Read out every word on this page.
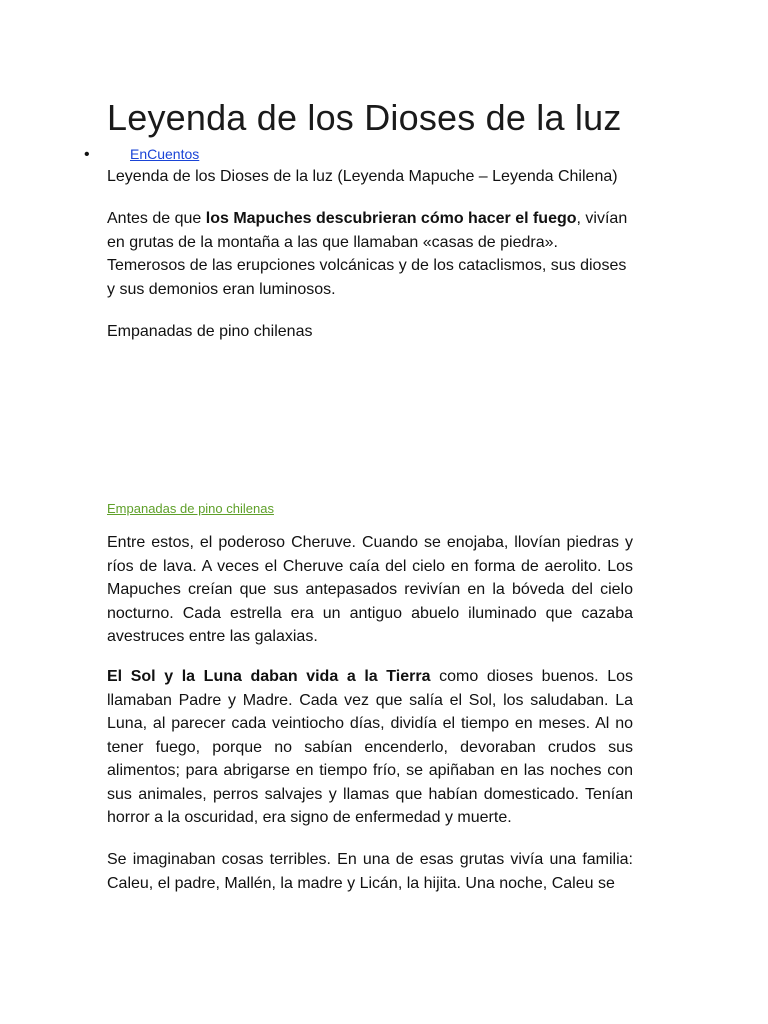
Leyenda de los Dioses de la luz
•	EnCuentos

Leyenda de los Dioses de la luz (Leyenda Mapuche – Leyenda Chilena)

Antes de que los Mapuches descubrieran cómo hacer el fuego, vivían en grutas de la montaña a las que llamaban «casas de piedra». Temerosos de las erupciones volcánicas y de los cataclismos, sus dioses y sus demonios eran luminosos.

Empanadas de pino chilenas

Empanadas de pino chilenas

Entre estos, el poderoso Cheruve. Cuando se enojaba, llovían piedras y ríos de lava. A veces el Cheruve caía del cielo en forma de aerolito. Los Mapuches creían que sus antepasados revivían en la bóveda del cielo nocturno. Cada estrella era un antiguo abuelo iluminado que cazaba avestruces entre las galaxias.

El Sol y la Luna daban vida a la Tierra como dioses buenos. Los llamaban Padre y Madre. Cada vez que salía el Sol, los saludaban. La Luna, al parecer cada veintiocho días, dividía el tiempo en meses. Al no tener fuego, porque no sabían encenderlo, devoraban crudos sus alimentos; para abrigarse en tiempo frío, se apiñaban en las noches con sus animales, perros salvajes y llamas que habían domesticado. Tenían horror a la oscuridad, era signo de enfermedad y muerte.

Se imaginaban cosas terribles. En una de esas grutas vivía una familia: Caleu, el padre, Mallén, la madre y Licán, la hijita. Una noche, Caleu se
